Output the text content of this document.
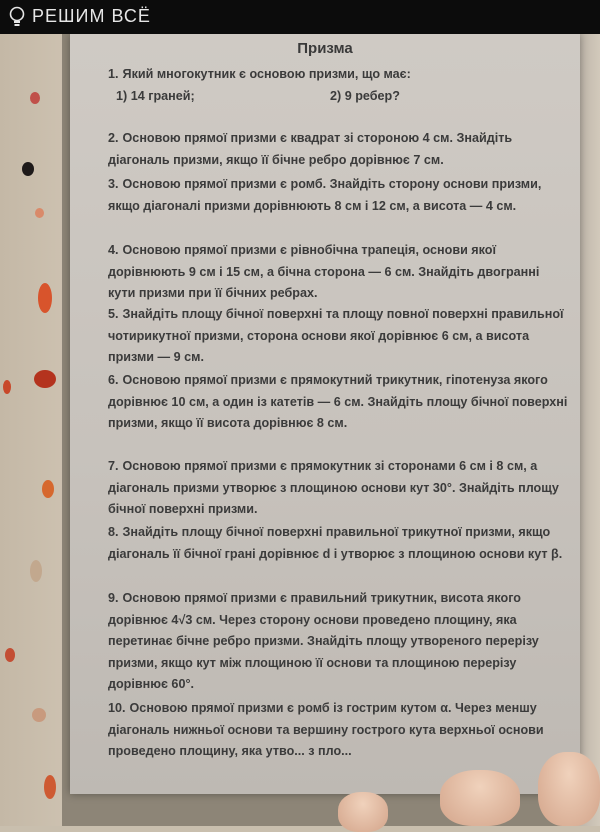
РЕШИМ ВСЁ
Призма
1. Який многокутник є основою призми, що має:
1) 14 граней;	2) 9 ребер?
2. Основою прямої призми є квадрат зі стороною 4 см. Знайдіть діагональ призми, якщо її бічне ребро дорівнює 7 см.
3. Основою прямої призми є ромб. Знайдіть сторону основи призми, якщо діагоналі призми дорівнюють 8 см і 12 см, а висота — 4 см.
4. Основою прямої призми є рівнобічна трапеція, основи якої дорівнюють 9 см і 15 см, а бічна сторона — 6 см. Знайдіть двогранні кути призми при її бічних ребрах.
5. Знайдіть площу бічної поверхні та площу повної поверхні правильної чотирикутної призми, сторона основи якої дорівнює 6 см, а висота призми — 9 см.
6. Основою прямої призми є прямокутний трикутник, гіпотенуза якого дорівнює 10 см, а один із катетів — 6 см. Знайдіть площу бічної поверхні призми, якщо її висота дорівнює 8 см.
7. Основою прямої призми є прямокутник зі сторонами 6 см і 8 см, а діагональ призми утворює з площиною основи кут 30°. Знайдіть площу бічної поверхні призми.
8. Знайдіть площу бічної поверхні правильної трикутної призми, якщо діагональ її бічної грані дорівнює d і утворює з площиною основи кут β.
9. Основою прямої призми є правильний трикутник, висота якого дорівнює 4√3 см. Через сторону основи проведено площину, яка перетинає бічне ребро призми. Знайдіть площу утвореного перерізу призми, якщо кут між площиною її основи та площиною перерізу дорівнює 60°.
10. Основою прямої призми є ромб із гострим кутом α. Через меншу діагональ нижньої основи та вершину гострого кута верхньої основи проведено площину, яка утво... з пло...
